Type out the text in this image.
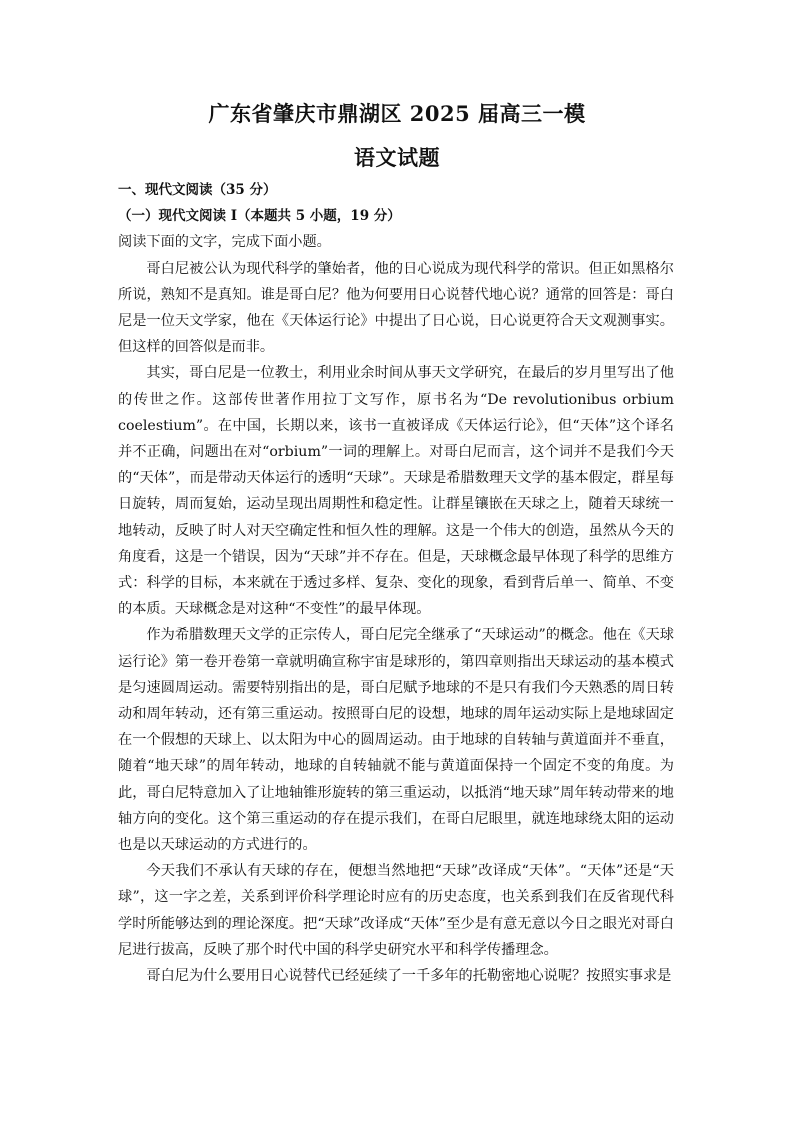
广东省肇庆市鼎湖区 2025 届高三一模
语文试题

一、现代文阅读（35 分）

（一）现代文阅读 I（本题共 5 小题，19 分）

阅读下面的文字，完成下面小题。

哥白尼被公认为现代科学的肇始者，他的日心说成为现代科学的常识。但正如黑格尔所说，熟知不是真知。谁是哥白尼？他为何要用日心说替代地心说？通常的回答是：哥白尼是一位天文学家，他在《天体运行论》中提出了日心说，日心说更符合天文观测事实。但这样的回答似是而非。

其实，哥白尼是一位教士，利用业余时间从事天文学研究，在最后的岁月里写出了他的传世之作。这部传世著作用拉丁文写作，原书名为“De revolutionibus orbium coelestium”。在中国，长期以来，该书一直被译成《天体运行论》，但“天体”这个译名并不正确，问题出在对“orbium”一词的理解上。对哥白尼而言，这个词并不是我们今天的“天体”，而是带动天体运行的透明“天球”。天球是希腊数理天文学的基本假定，群星每日旋转，周而复始，运动呈现出周期性和稳定性。让群星镶嵌在天球之上，随着天球统一地转动，反映了时人对天空确定性和恒久性的理解。这是一个伟大的创造，虽然从今天的角度看，这是一个错误，因为“天球”并不存在。但是，天球概念最早体现了科学的思维方式：科学的目标，本来就在于透过多样、复杂、变化的现象，看到背后单一、简单、不变的本质。天球概念是对这种“不变性”的最早体现。

作为希腊数理天文学的正宗传人，哥白尼完全继承了“天球运动”的概念。他在《天球运行论》第一卷开卷第一章就明确宣称宇宙是球形的，第四章则指出天球运动的基本模式是匀速圆周运动。需要特别指出的是，哥白尼赋予地球的不是只有我们今天熟悉的周日转动和周年转动，还有第三重运动。按照哥白尼的设想，地球的周年运动实际上是地球固定在一个假想的天球上、以太阳为中心的圆周运动。由于地球的自转轴与黄道面并不垂直，随着“地天球”的周年转动，地球的自转轴就不能与黄道面保持一个固定不变的角度。为此，哥白尼特意加入了让地轴锥形旋转的第三重运动，以抵消“地天球”周年转动带来的地轴方向的变化。这个第三重运动的存在提示我们，在哥白尼眼里，就连地球绕太阳的运动也是以天球运动的方式进行的。

今天我们不承认有天球的存在，便想当然地把“天球”改译成“天体”。“天体”还是“天球”，这一字之差，关系到评价科学理论时应有的历史态度，也关系到我们在反省现代科学时所能够达到的理论深度。把“天球”改译成“天体”至少是有意无意以今日之眼光对哥白尼进行拔高，反映了那个时代中国的科学史研究水平和科学传播理念。

哥白尼为什么要用日心说替代已经延续了一千多年的托勒密地心说呢？按照实事求是
